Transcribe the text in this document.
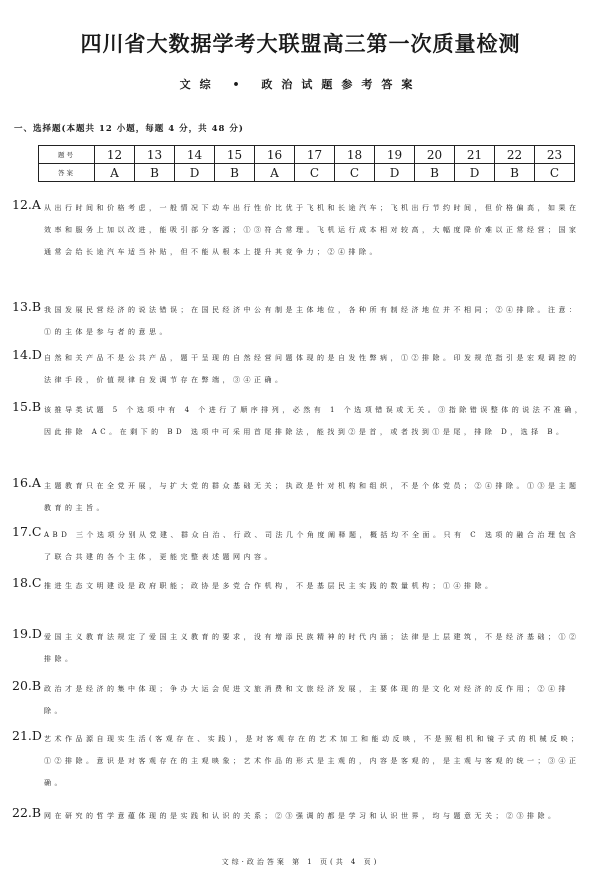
四川省大数据学考大联盟高三第一次质量检测
文综 • 政治试题参考答案
一、选择题(本题共 12 小题，每题 4 分，共 48 分)
题号	12	13	14	15	16	17	18	19	20	21	22	23
答案	A	B	D	B	A	C	C	D	B	D	B	C
12.A 从出行时间和价格考虑，一般情况下动车出行性价比优于飞机和长途汽车；飞机出行节约时间，但价格偏高，如果在效率和服务上加以改进，能吸引部分客源；①③符合常理。飞机运行成本相对较高，大幅度降价难以正常经营；国家通常会给长途汽车适当补贴，但不能从根本上提升其竞争力；②④排除。
13.B 我国发展民营经济的说法错误；在国民经济中公有制是主体地位，各种所有制经济地位并不相同；②④排除。注意：①的主体是参与者的意思。
14.D 自然和关产品不是公共产品，题干呈现的自然经营问题体现的是自发性弊病，①②排除。印发规范指引是宏观调控的法律手段，价值规律自发调节存在弊端，③④正确。
15.B 该推导类试题 5 个选项中有 4 个进行了顺序排列，必然有 1 个选项错误或无关。③指除错误整体的说法不准确，因此排除 AC。在剩下的 BD 选项中可采用首尾排除法，能找到②是首，或者找到①是尾，排除 D，选择 B。
16.A 主题教育只在全党开展，与扩大党的群众基础无关；执政是针对机构和组织，不是个体党员；②④排除。①③是主题教育的主旨。
17.C ABD 三个选项分别从党建、群众自治、行政、司法几个角度阐释题，概括均不全面。只有 C 选项的融合治理包含了联合共建的各个主体，更能完整表述题网内容。
18.C 推进生态文明建设是政府职能；政协是多党合作机构，不是基层民主实践的数量机构；①④排除。
19.D 爱国主义教育法规定了爱国主义教育的要求，没有增添民族精神的时代内涵；法律是上层建筑，不是经济基础；①②排除。
20.B 政治才是经济的集中体现；争办大运会促进文旅消费和文旅经济发展，主要体现的是文化对经济的反作用；②④排除。
21.D 艺术作品源自现实生活(客观存在、实践)，是对客观存在的艺术加工和能动反映，不是照相机和镜子式的机械反映；①②排除。意识是对客观存在的主观映象；艺术作品的形式是主观的，内容是客观的，是主观与客观的统一；③④正确。
22.B 网在研究的哲学意蕴体现的是实践和认识的关系；②③强调的都是学习和认识世界，均与题意无关；②③排除。
文综·政治答案 第 1 页(共 4 页)
